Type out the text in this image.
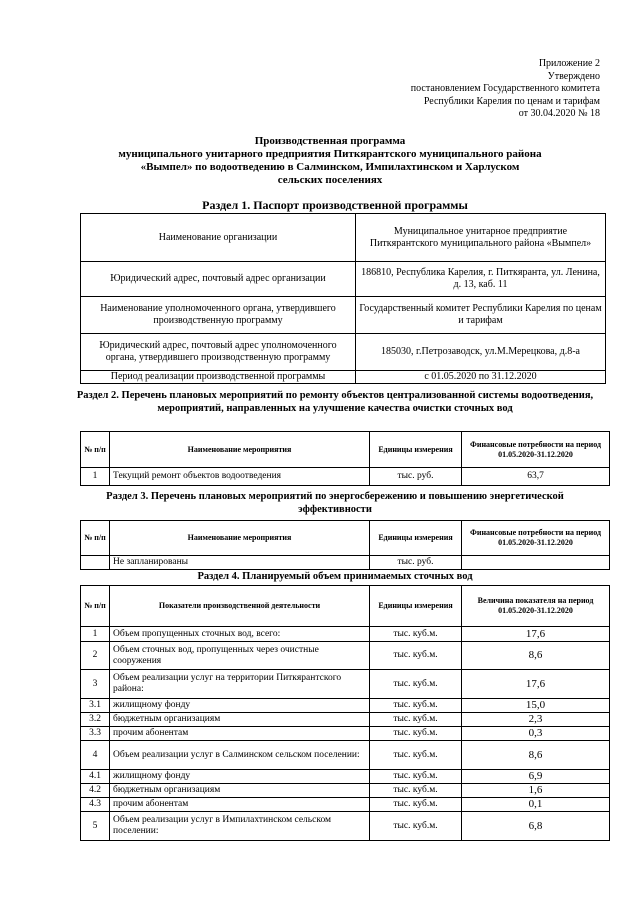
Приложение 2
Утверждено
постановлением Государственного комитета
Республики Карелия по ценам и тарифам
от 30.04.2020 № 18
Производственная программа
муниципального унитарного предприятия Питкярантского муниципального района
«Вымпел» по водоотведению в Салминском, Импилахтинском и Харлуском
сельских поселениях
Раздел 1. Паспорт производственной программы
Наименование организации	Муниципальное унитарное предприятие Питкярантского муниципального района «Вымпел»
Юридический адрес, почтовый адрес организации	186810, Республика Карелия, г. Питкяранта, ул. Ленина, д. 13, каб. 11
Наименование уполномоченного органа, утвердившего производственную программу	Государственный комитет Республики Карелия по ценам и тарифам
Юридический адрес, почтовый адрес уполномоченного органа, утвердившего производственную программу	185030, г.Петрозаводск, ул.М.Мерецкова, д.8-а
Период реализации производственной программы	с 01.05.2020 по 31.12.2020
Раздел 2. Перечень плановых мероприятий по ремонту объектов централизованной системы водоотведения, мероприятий, направленных на улучшение качества очистки сточных вод
№ п/п	Наименование мероприятия	Единицы измерения	Финансовые потребности на период 01.05.2020-31.12.2020
1	Текущий ремонт объектов водоотведения	тыс. руб.	63,7
Раздел 3. Перечень плановых мероприятий по энергосбережению и повышению энергетической эффективности
№ п/п	Наименование мероприятия	Единицы измерения	Финансовые потребности на период 01.05.2020-31.12.2020
	Не запланированы	тыс. руб.	
Раздел 4. Планируемый объем принимаемых сточных вод
№ п/п	Показатели производственной деятельности	Единицы измерения	Величина показателя на период 01.05.2020-31.12.2020
1	Объем пропущенных сточных вод, всего:	тыс. куб.м.	17,6
2	Объем сточных вод, пропущенных через очистные сооружения	тыс. куб.м.	8,6
3	Объем реализации услуг на территории Питкярантского района:	тыс. куб.м.	17,6
3.1	жилищному фонду	тыс. куб.м.	15,0
3.2	бюджетным организациям	тыс. куб.м.	2,3
3.3	прочим абонентам	тыс. куб.м.	0,3
4	Объем реализации услуг в Салминском сельском поселении:	тыс. куб.м.	8,6
4.1	жилищному фонду	тыс. куб.м.	6,9
4.2	бюджетным организациям	тыс. куб.м.	1,6
4.3	прочим абонентам	тыс. куб.м.	0,1
5	Объем реализации услуг в Импилахтинском сельском поселении:	тыс. куб.м.	6,8
